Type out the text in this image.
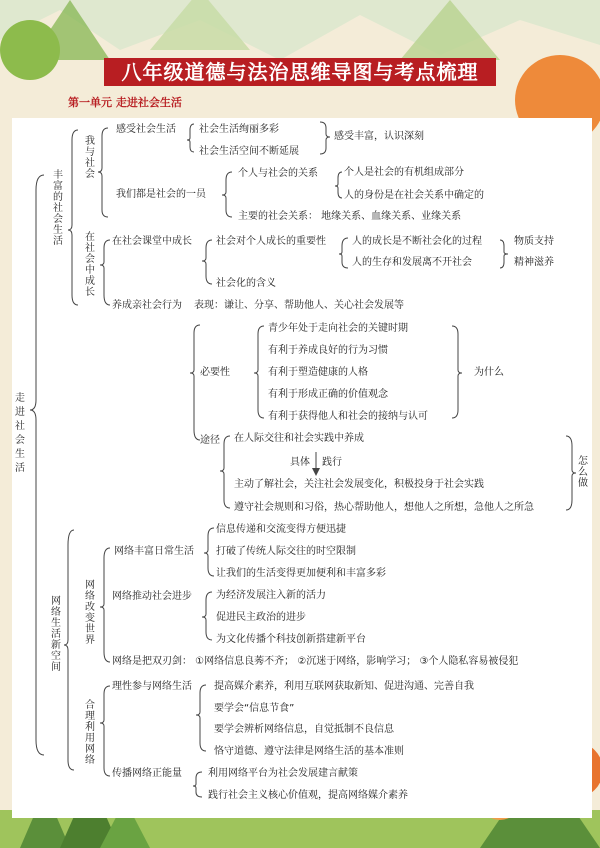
八年级道德与法治思维导图与考点梳理
第一单元 走进社会生活
走进社会生活
丰富的社会生活
我与社会
感受社会生活 社会生活绚丽多彩
社会生活空间不断延展
感受丰富，认识深刻
我们都是社会的一员
个人与社会的关系	个人是社会的有机组成部分
人的身份是在社会关系中确定的
主要的社会关系： 地缘关系、血缘关系、业缘关系
在社会中成长
在社会课堂中成长 社会对个人成长的重要性	人的成长是不断社会化的过程
人的生存和发展离不开社会
物质支持
精神滋养
社会化的含义
养成亲社会行为 表现：谦让、分享、帮助他人、关心社会发展等
必要性
青少年处于走向社会的关键时期
有利于养成良好的行为习惯
有利于塑造健康的人格
有利于形成正确的价值观念
有利于获得他人和社会的接纳与认可
为什么
途径 在人际交往和社会实践中养成
具体 践行
主动了解社会，关注社会发展变化，积极投身于社会实践
遵守社会规则和习俗，热心帮助他人，想他人之所想，急他人之所急
怎么做
网络生活新空间
网络改变世界
网络丰富日常生活
信息传递和交流变得方便迅捷
打破了传统人际交往的时空限制
让我们的生活变得更加便利和丰富多彩
网络推动社会进步 为经济发展注入新的活力
促进民主政治的进步
为文化传播个科技创新搭建新平台
网络是把双刃剑： ①网络信息良莠不齐； ②沉迷于网络，影响学习； ③个人隐私容易被侵犯
合理利用网络
理性参与网络生活 提高媒介素养，利用互联网获取新知、促进沟通、完善自我
要学会“信息节食”
要学会辨析网络信息，自觉抵制不良信息
恪守道德、遵守法律是网络生活的基本准则
传播网络正能量	利用网络平台为社会发展建言献策
践行社会主义核心价值观，提高网络媒介素养
